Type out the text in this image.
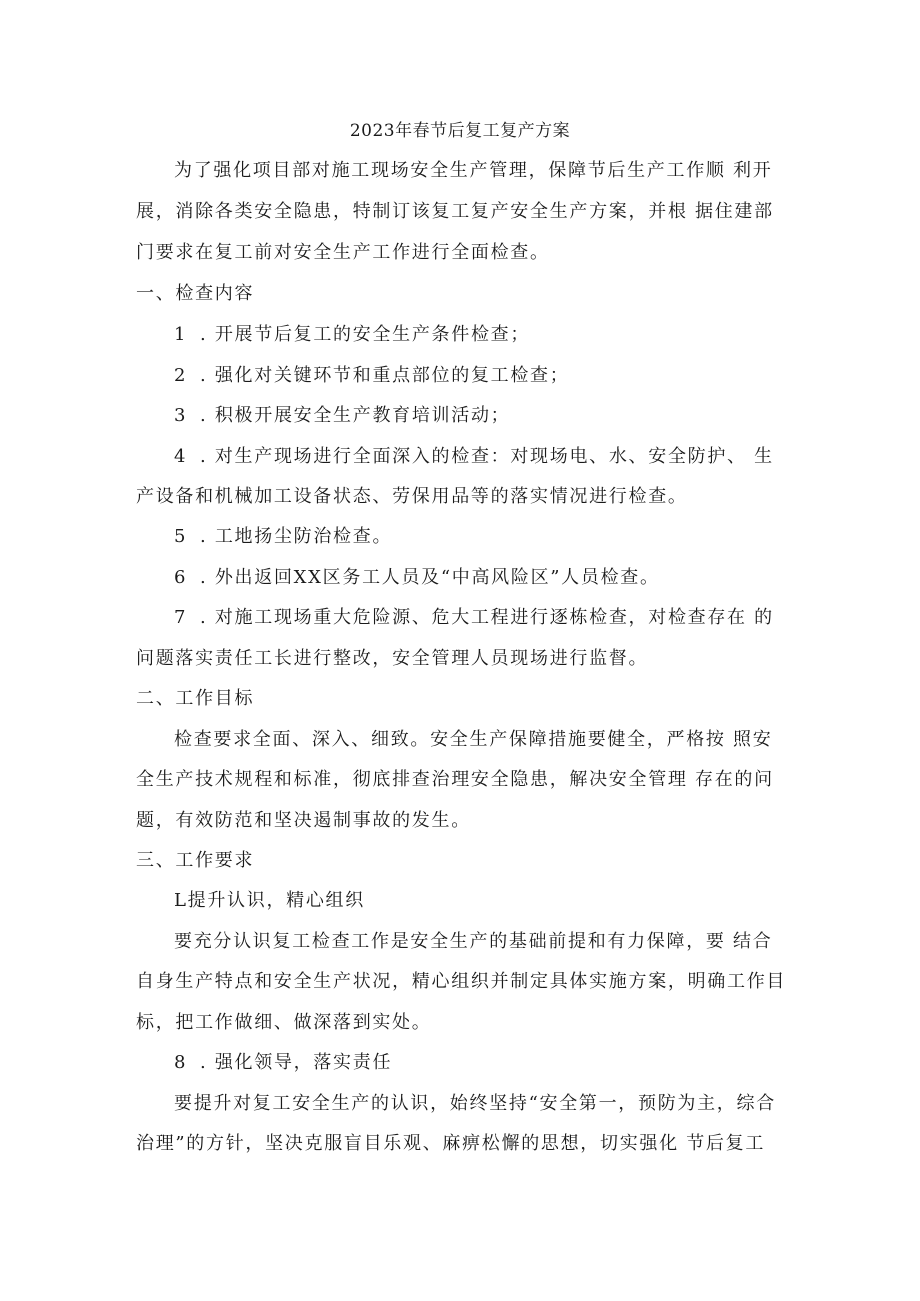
2023年春节后复工复产方案
为了强化项目部对施工现场安全生产管理，保障节后生产工作顺 利开
展，消除各类安全隐患，特制订该复工复产安全生产方案，并根 据住建部
门要求在复工前对安全生产工作进行全面检查。
一、检查内容
1 . 开展节后复工的安全生产条件检查；
2 . 强化对关键环节和重点部位的复工检查；
3 . 积极开展安全生产教育培训活动；
4 . 对生产现场进行全面深入的检查：对现场电、水、安全防护、 生
产设备和机械加工设备状态、劳保用品等的落实情况进行检查。
5 . 工地扬尘防治检查。
6 . 外出返回XX区务工人员及“中高风险区”人员检查。
7 . 对施工现场重大危险源、危大工程进行逐栋检查，对检查存在 的
问题落实责任工长进行整改，安全管理人员现场进行监督。
二、工作目标
检查要求全面、深入、细致。安全生产保障措施要健全，严格按 照安
全生产技术规程和标准，彻底排查治理安全隐患，解决安全管理 存在的问
题，有效防范和坚决遏制事故的发生。
三、工作要求
L提升认识，精心组织
要充分认识复工检查工作是安全生产的基础前提和有力保障，要 结合
自身生产特点和安全生产状况，精心组织并制定具体实施方案，明确工作目
标，把工作做细、做深落到实处。
8 . 强化领导，落实责任
要提升对复工安全生产的认识，始终坚持“安全第一，预防为主，综合
治理”的方针，坚决克服盲目乐观、麻痹松懈的思想，切实强化 节后复工
